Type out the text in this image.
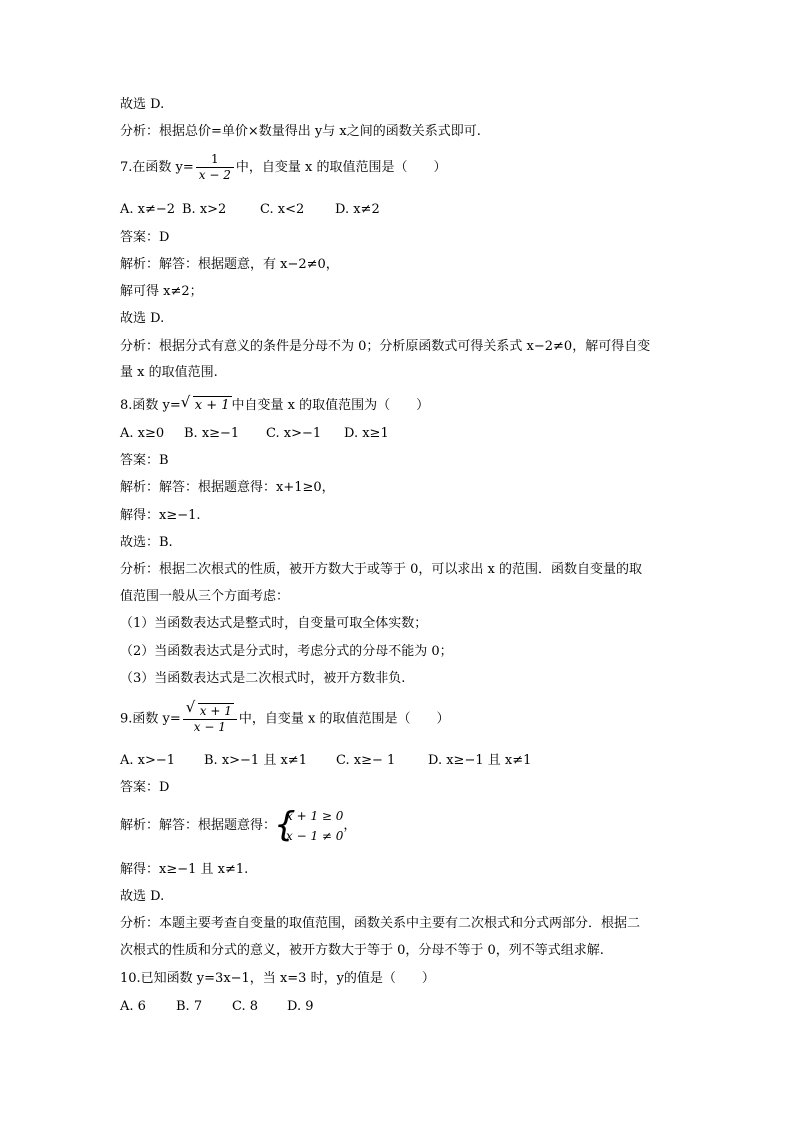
故选 D.
分析：根据总价=单价×数量得出 y与 x之间的函数关系式即可.
7.在函数 $y= \frac{1}{x - 2}$ 中，自变量 x 的取值范围是（　　）
A. x≠−2 B. x>2	C. x<2 D. x≠2
答案：D
解析：解答：根据题意，有 x−2≠0，
解可得 x≠2；
故选 D.
分析：根据分式有意义的条件是分母不为 0；分析原函数式可得关系式 x−2≠0，解可得自变
量 x 的取值范围.
8.函数 y= √ x + 1 中自变量 x 的取值范围为（　　）
A. x≥0 B. x≥−1 C. x>−1 D. x≥1
答案：B
解析：解答：根据题意得：x+1≥0，
解得：x≥−1.
故选：B.
分析：根据二次根式的性质，被开方数大于或等于 0，可以求出 x 的范围．函数自变量的取
值范围一般从三个方面考虑：
（1）当函数表达式是整式时，自变量可取全体实数；
（2）当函数表达式是分式时，考虑分式的分母不能为 0；
（3）当函数表达式是二次根式时，被开方数非负.
9.函数 $y= \frac{√ x + 1}{x - 1}$ 中，自变量 x 的取值范围是（　　）
A. x>−1 B. x>−1 且 x≠1 C. x≥− 1	D. x≥−1 且 x≠1
答案：D
解析：解答：根据题意得：
{
x + 1 ≥ 0
x − 1 ≠ 0
，
解得：x≥−1 且 x≠1.
故选 D.
分析：本题主要考查自变量的取值范围，函数关系中主要有二次根式和分式两部分．根据二
次根式的性质和分式的意义，被开方数大于等于 0，分母不等于 0，列不等式组求解.
10.已知函数 y=3x−1，当 x=3 时，y的值是（　　）
A. 6 B. 7 C. 8 D. 9
